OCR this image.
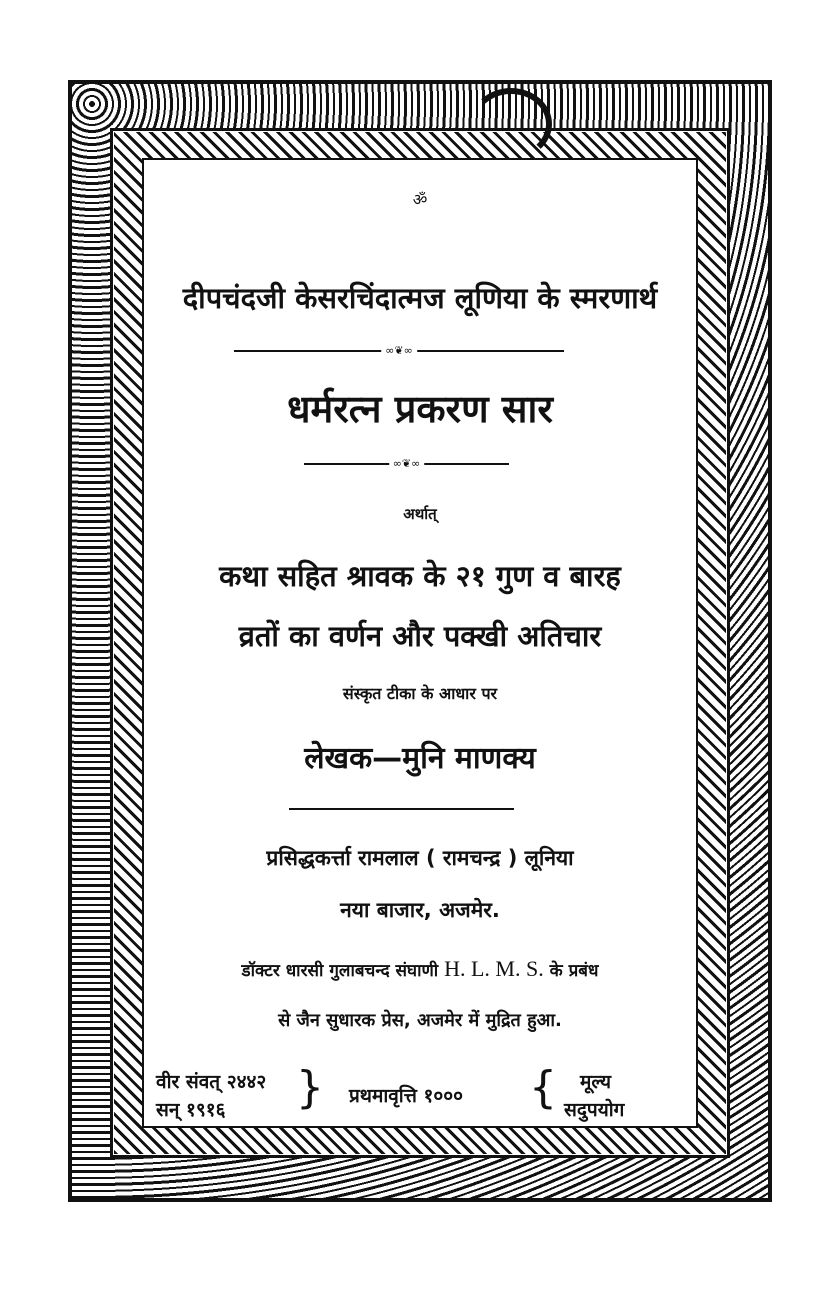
ॐ
दीपचंदजी केसरचिंदात्मज लूणिया के स्मरणार्थ
∞❦∞
धर्मरत्न प्रकरण सार
∞❦∞
अर्थात्
कथा सहित श्रावक के २१ गुण व बारह
व्रतों का वर्णन और पक्खी अतिचार
संस्कृत टीका के आधार पर
लेखक—मुनि माणक्य
प्रसिद्धकर्त्ता रामलाल ( रामचन्द्र ) लूनिया
नया बाजार, अजमेर.
डॉक्टर धारसी गुलाबचन्द संघाणी H. L. M. S. के प्रबंध
से जैन सुधारक प्रेस, अजमेर में मुद्रित हुआ.
वीर संवत् २४४२
सन् १९१६ } प्रथमावृत्ति १००० { मूल्य
सदुपयोग
